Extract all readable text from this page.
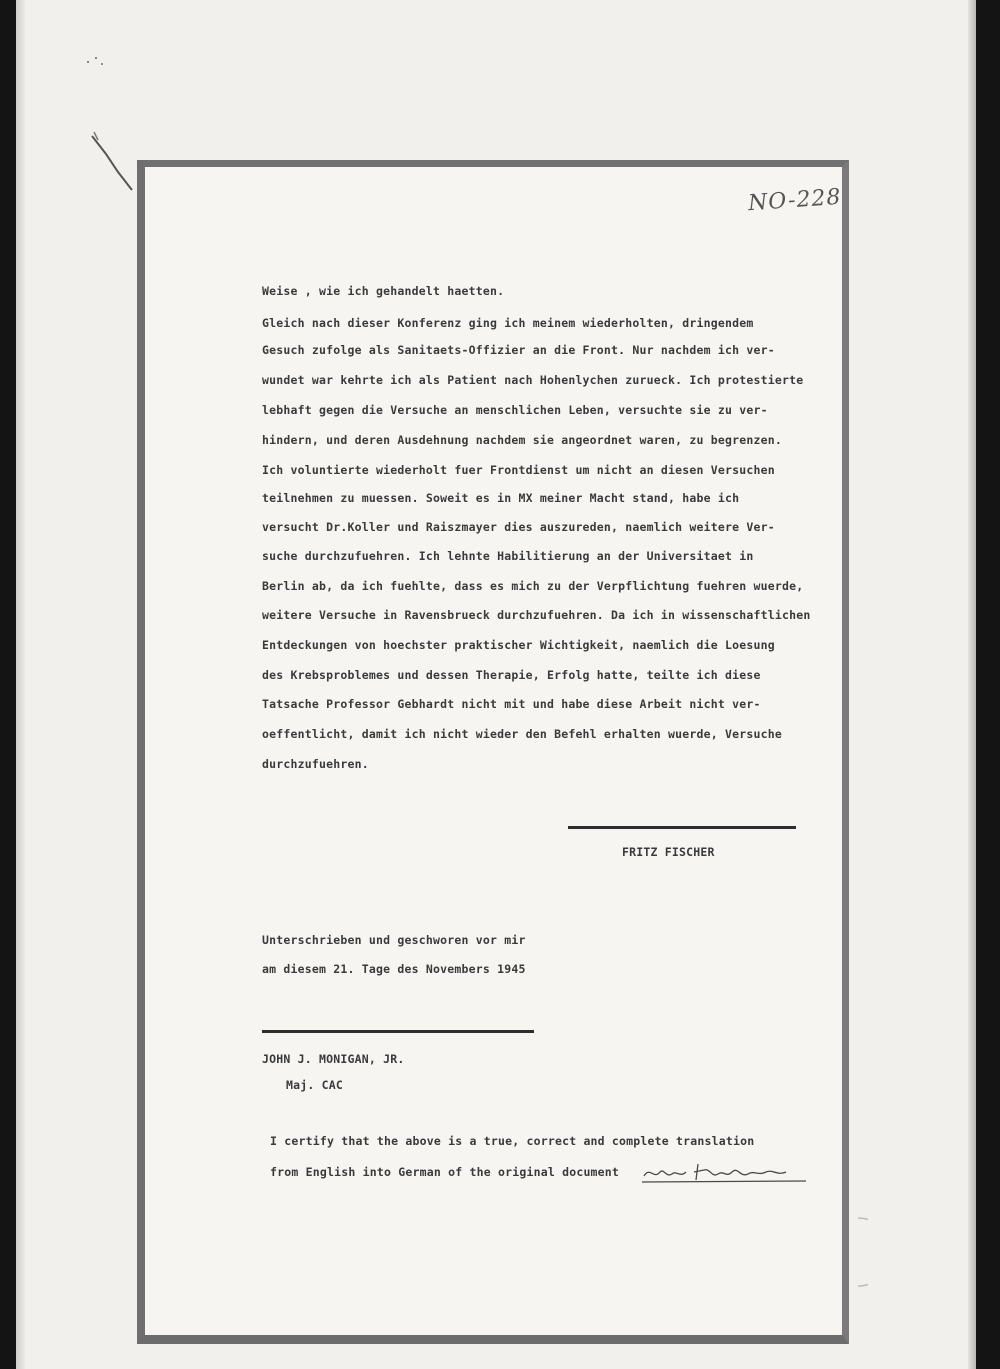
NO-228
Weise , wie ich gehandelt haetten.
Gleich nach dieser Konferenz ging ich meinem wiederholten, dringendem
Gesuch zufolge als Sanitaets-Offizier an die Front. Nur nachdem ich ver-
wundet war kehrte ich als Patient nach Hohenlychen zurueck. Ich protestierte
lebhaft gegen die Versuche an menschlichen Leben, versuchte sie zu ver-
hindern, und deren Ausdehnung nachdem sie angeordnet waren, zu begrenzen.
Ich voluntierte wiederholt fuer Frontdienst um nicht an diesen Versuchen
teilnehmen zu muessen. Soweit es in MX meiner Macht stand, habe ich
versucht Dr.Koller und Raiszmayer dies auszureden, naemlich weitere Ver-
suche durchzufuehren. Ich lehnte Habilitierung an der Universitaet in
Berlin ab, da ich fuehlte, dass es mich zu der Verpflichtung fuehren wuerde,
weitere Versuche in Ravensbrueck durchzufuehren. Da ich in wissenschaftlichen
Entdeckungen von hoechster praktischer Wichtigkeit, naemlich die Loesung
des Krebsproblemes und dessen Therapie, Erfolg hatte, teilte ich diese
Tatsache Professor Gebhardt nicht mit und habe diese Arbeit nicht ver-
oeffentlicht, damit ich nicht wieder den Befehl erhalten wuerde, Versuche
durchzufuehren.
FRITZ FISCHER
Unterschrieben und geschworen vor mir
am diesem 21. Tage des Novembers 1945
JOHN J. MONIGAN, JR.
Maj. CAC
I certify that the above is a true, correct and complete translation
from English into German of the original document
